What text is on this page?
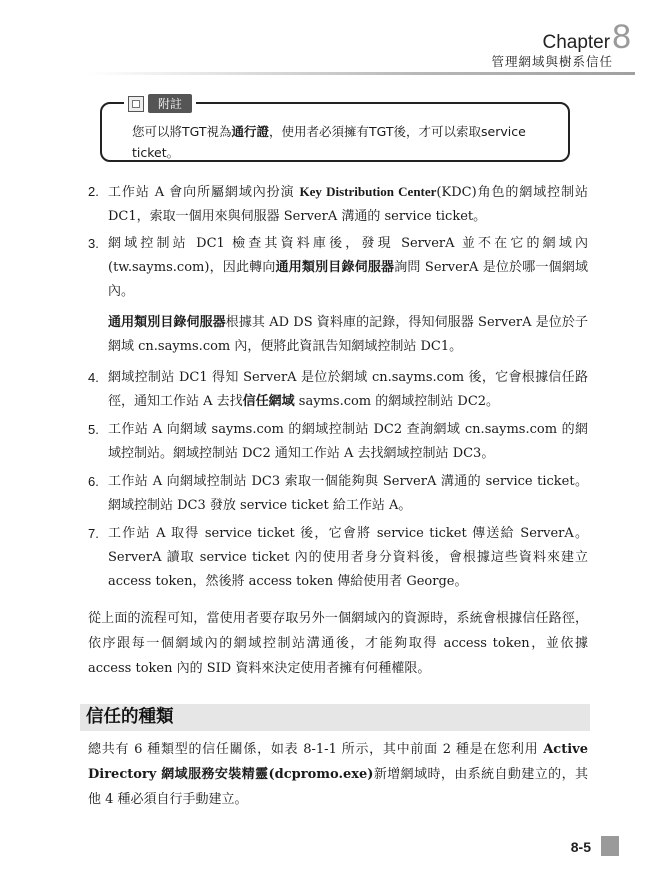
Chapter 8
管理網域與樹系信任
附註
您可以將TGT視為通行證，使用者必須擁有TGT後，才可以索取service ticket。
2. 工作站 A 會向所屬網域內扮演 Key Distribution Center(KDC)角色的網域控制站 DC1，索取一個用來與伺服器 ServerA 溝通的 service ticket。
3. 網域控制站 DC1 檢查其資料庫後，發現 ServerA 並不在它的網域內(tw.sayms.com)，因此轉向通用類別目錄伺服器詢問 ServerA 是位於哪一個網域內。
通用類別目錄伺服器根據其 AD DS 資料庫的記錄，得知伺服器 ServerA 是位於子網域 cn.sayms.com 內，便將此資訊告知網域控制站 DC1。
4. 網域控制站 DC1 得知 ServerA 是位於網域 cn.sayms.com 後，它會根據信任路徑，通知工作站 A 去找信任網域 sayms.com 的網域控制站 DC2。
5. 工作站 A 向網域 sayms.com 的網域控制站 DC2 查詢網域 cn.sayms.com 的網域控制站。網域控制站 DC2 通知工作站 A 去找網域控制站 DC3。
6. 工作站 A 向網域控制站 DC3 索取一個能夠與 ServerA 溝通的 service ticket。網域控制站 DC3 發放 service ticket 給工作站 A。
7. 工作站 A 取得 service ticket 後，它會將 service ticket 傳送給 ServerA。ServerA 讀取 service ticket 內的使用者身分資料後，會根據這些資料來建立 access token，然後將 access token 傳給使用者 George。
從上面的流程可知，當使用者要存取另外一個網域內的資源時，系統會根據信任路徑，依序跟每一個網域內的網域控制站溝通後，才能夠取得 access token，並依據 access token 內的 SID 資料來決定使用者擁有何種權限。
信任的種類
總共有 6 種類型的信任關係，如表 8-1-1 所示，其中前面 2 種是在您利用 Active Directory 網域服務安裝精靈(dcpromo.exe)新增網域時，由系統自動建立的，其他 4 種必須自行手動建立。
8-5
